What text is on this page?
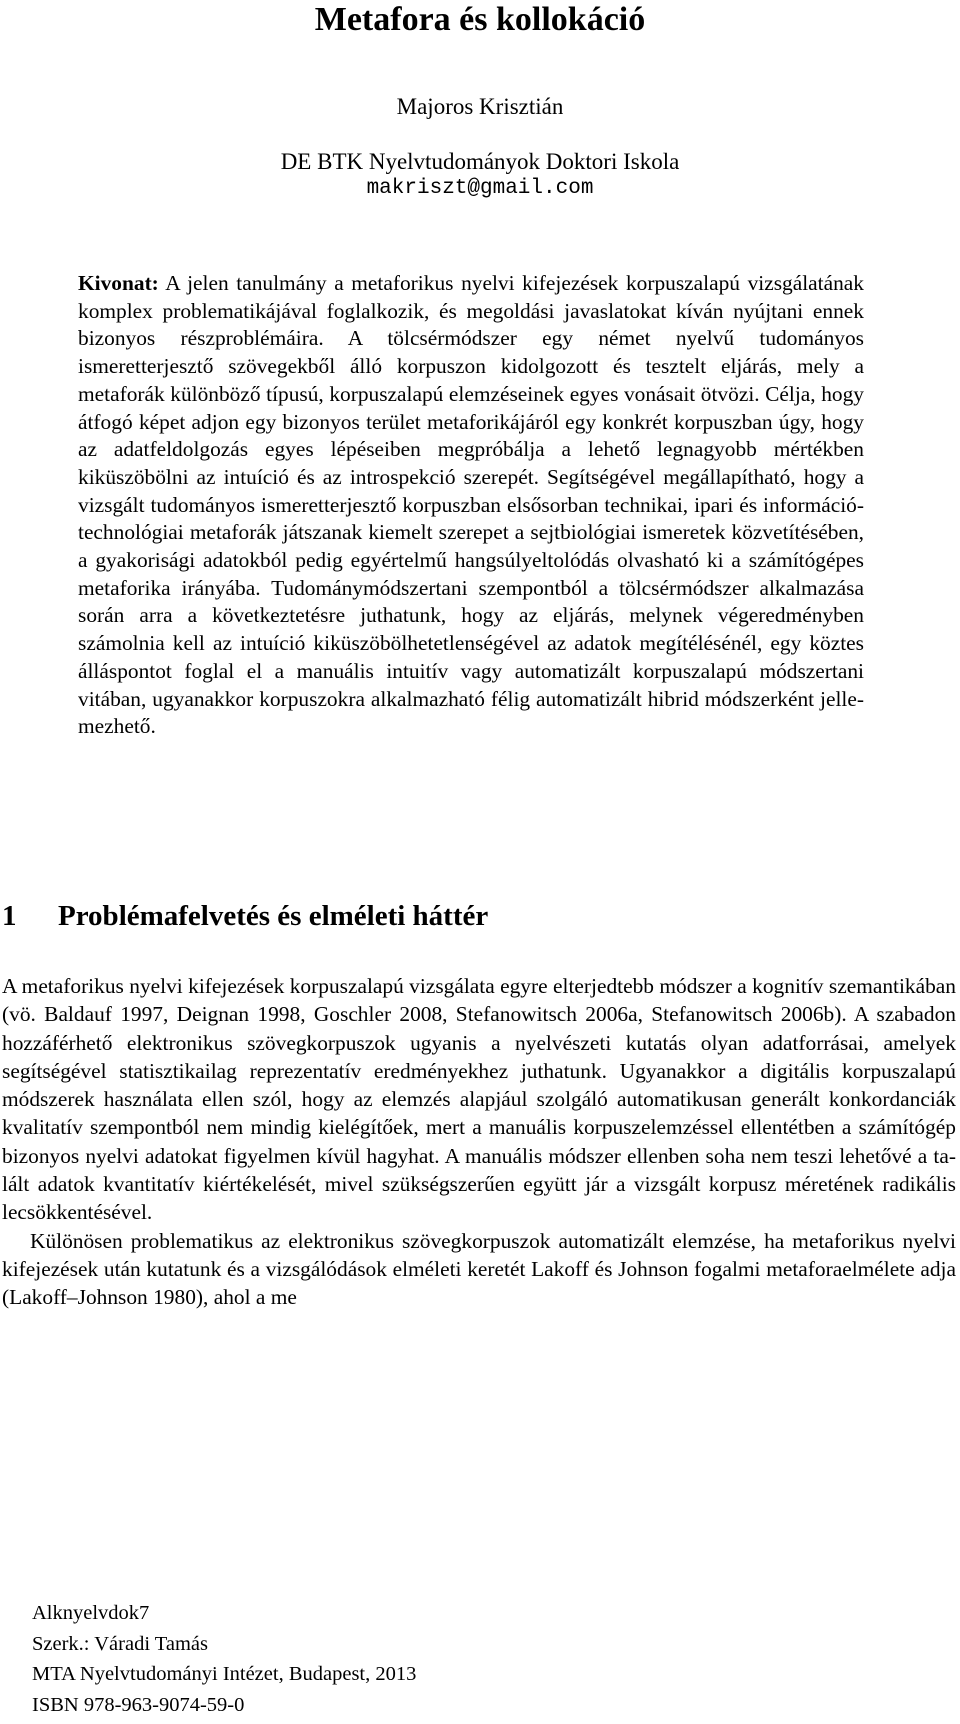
Metafora és kollokáció
Majoros Krisztián
DE BTK Nyelvtudományok Doktori Iskola
makriszt@gmail.com
Kivonat: A jelen tanulmány a metaforikus nyelvi kifejezések korpuszalapú vizsgálatának komplex problematikájával foglalkozik, és megoldási javaslatokat kíván nyújtani ennek bizonyos részproblémáira. A tölcsérmódszer egy német nyelvű tudományos ismeretterjesztő szövegekből álló korpuszon kidolgozott és tesztelt eljárás, mely a metaforák különböző típusú, korpuszalapú elemzéseinek egyes vonásait ötvözi. Célja, hogy átfogó képet adjon egy bizonyos terület metaforikájáról egy konkrét korpuszban úgy, hogy az adatfeldolgozás egyes lépéseiben megpróbálja a lehető legnagyobb mértékben kiküszöbölni az intuíció és az introspekció szerepét. Segítségével megállapítható, hogy a vizsgált tudományos ismeretterjesztő korpuszban elsősorban technikai, ipari és információ-technológiai metaforák játszanak kiemelt szerepet a sejtbiológiai ismeretek közvetítésében, a gyakorisági adatokból pedig egyértelmű hangsúlyeltolódás olvasható ki a számítógépes metaforika irányába. Tudománymódszertani szempontból a tölcsérmódszer alkalmazása során arra a következtetésre juthatunk, hogy az eljárás, melynek végeredményben számolnia kell az intuíció kiküszöbölhetetlenségével az adatok megítélésénél, egy köztes álláspontot foglal el a manuális intuitív vagy automatizált korpuszalapú módszertani vitában, ugyanakkor korpuszokra alkalmazható félig automatizált hibrid módszerként jellemezhető.
1 Problémafelvetés és elméleti háttér

A metaforikus nyelvi kifejezések korpuszalapú vizsgálata egyre elterjedtebb módszer a kognitív szemantikában (vö. Baldauf 1997, Deignan 1998, Goschler 2008, Stefanowitsch 2006a, Stefanowitsch 2006b). A szabadon hozzáférhető elektronikus szövegkorpuszok ugyanis a nyelvészeti kutatás olyan adatforrásai, amelyek segítségével statisztikailag reprezentatív eredményekhez juthatunk. Ugyanakkor a digitális korpuszalapú módszerek használata ellen szól, hogy az elemzés alapjául szolgáló automatikusan generált konkordanciák kvalitatív szempontból nem mindig kielégítőek, mert a manuális korpuszelemzéssel ellentétben a számítógép bizonyos nyelvi adatokat figyelmen kívül hagyhat. A manuális módszer ellenben soha nem teszi lehetővé a talált adatok kvantitatív kiértékelését, mivel szükségszerűen együtt jár a vizsgált korpusz méretének radikális lecsökkentésével.

Különösen problematikus az elektronikus szövegkorpuszok automatizált elemzése, ha metaforikus nyelvi kifejezések után kutatunk és a vizsgálódások elméleti keretét Lakoff és Johnson fogalmi metaforaelmélete adja (Lakoff–Johnson 1980), ahol a me

Alknyelvdok7
Szerk.: Váradi Tamás
MTA Nyelvtudományi Intézet, Budapest, 2013
ISBN 978-963-9074-59-0
